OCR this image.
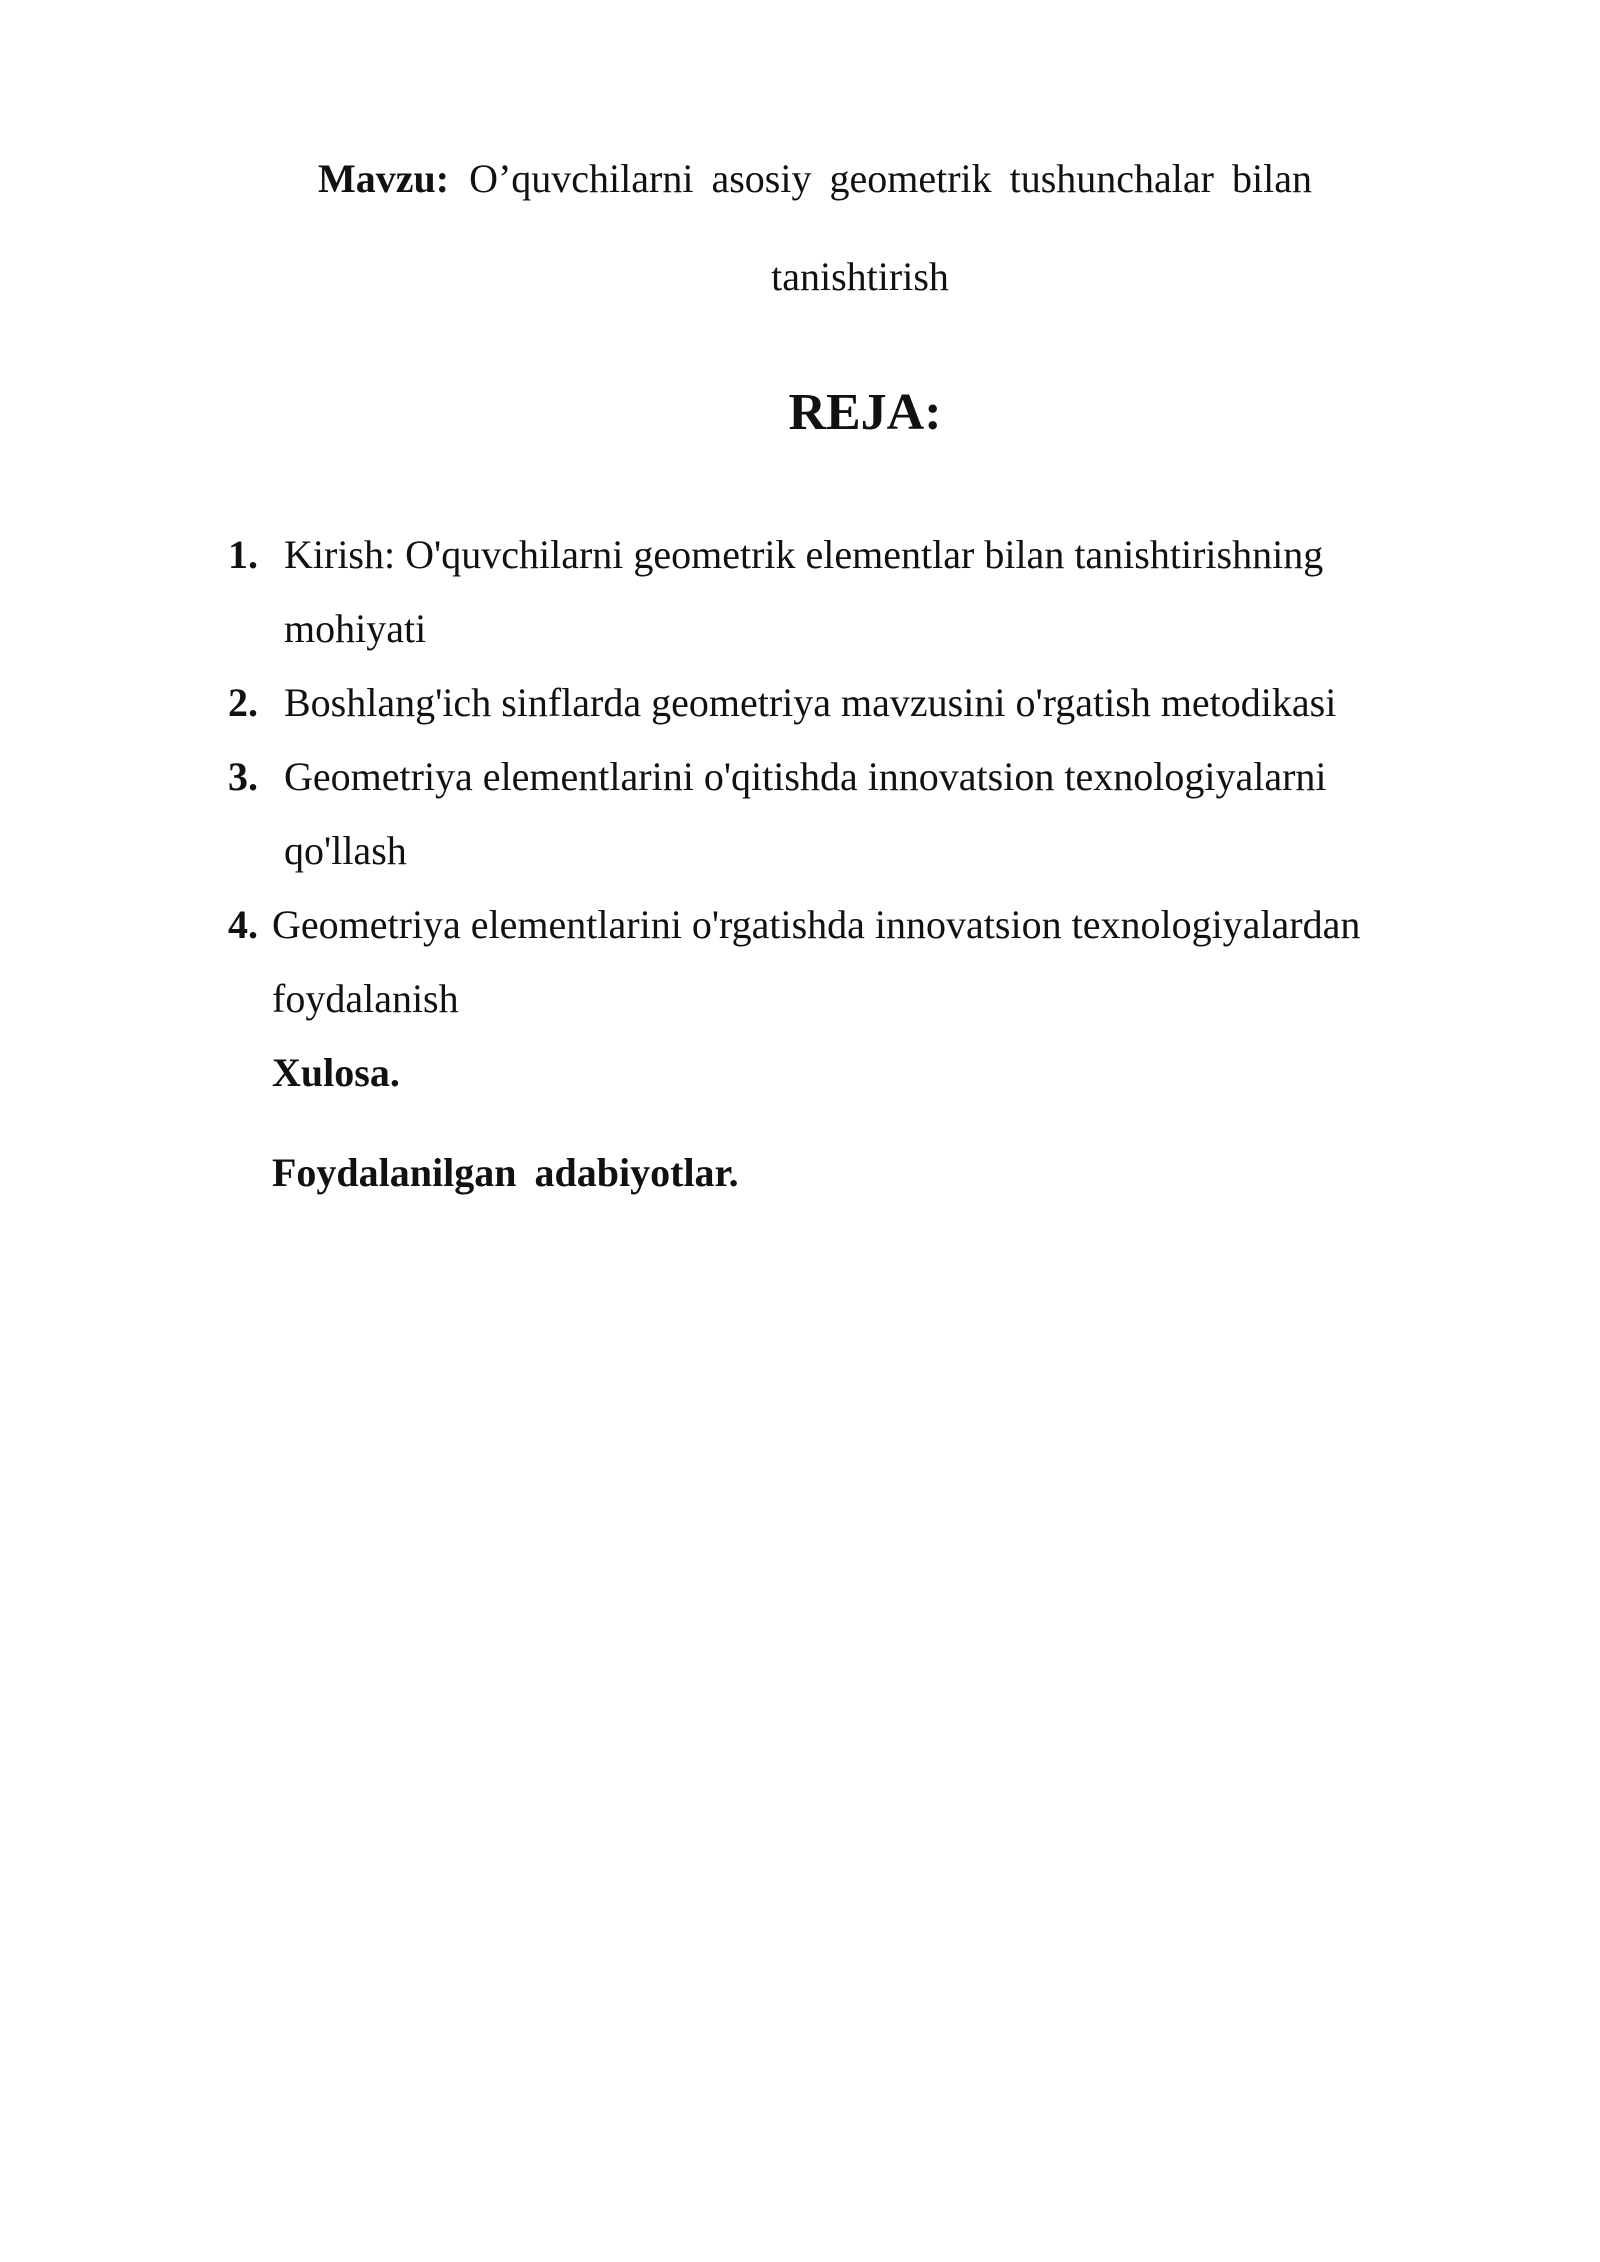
Mavzu: O’quvchilarni asosiy geometrik tushunchalar bilan
tanishtirish
REJA:
1. Kirish: O'quvchilarni geometrik elementlar bilan tanishtirishning
mohiyati
2. Boshlang'ich sinflarda geometriya mavzusini o'rgatish metodikasi
3. Geometriya elementlarini o'qitishda innovatsion texnologiyalarni
qo'llash
4. Geometriya elementlarini o'rgatishda innovatsion texnologiyalardan
foydalanish
Xulosa.
Foydalanilgan adabiyotlar.
